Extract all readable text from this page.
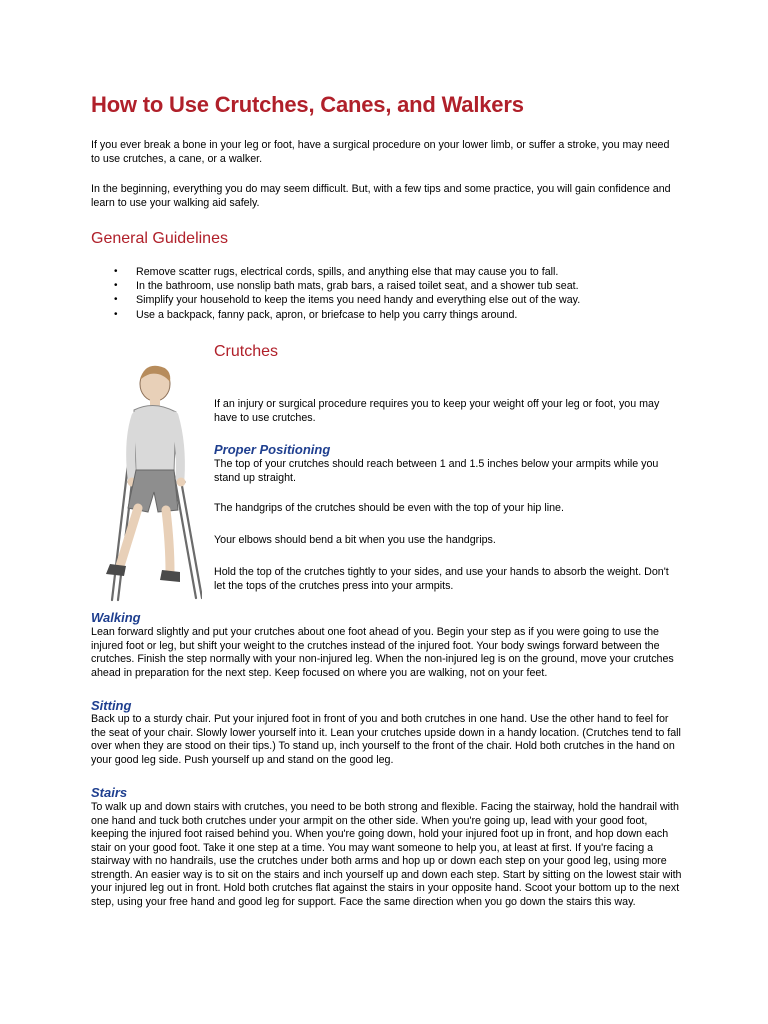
How to Use Crutches, Canes, and Walkers

If you ever break a bone in your leg or foot, have a surgical procedure on your lower limb, or suffer a stroke, you may need to use crutches, a cane, or a walker.

In the beginning, everything you do may seem difficult. But, with a few tips and some practice, you will gain confidence and learn to use your walking aid safely.

General Guidelines
• Remove scatter rugs, electrical cords, spills, and anything else that may cause you to fall.
• In the bathroom, use nonslip bath mats, grab bars, a raised toilet seat, and a shower tub seat.
• Simplify your household to keep the items you need handy and everything else out of the way.
• Use a backpack, fanny pack, apron, or briefcase to help you carry things around.
Crutches

If an injury or surgical procedure requires you to keep your weight off your leg or foot, you may have to use crutches.

Proper Positioning

The top of your crutches should reach between 1 and 1.5 inches below your armpits while you stand up straight.

The handgrips of the crutches should be even with the top of your hip line.

Your elbows should bend a bit when you use the handgrips.

Hold the top of the crutches tightly to your sides, and use your hands to absorb the weight. Don't let the tops of the crutches press into your armpits.

Walking

Lean forward slightly and put your crutches about one foot ahead of you. Begin your step as if you were going to use the injured foot or leg, but shift your weight to the crutches instead of the injured foot. Your body swings forward between the crutches. Finish the step normally with your non-injured leg. When the non-injured leg is on the ground, move your crutches ahead in preparation for the next step. Keep focused on where you are walking, not on your feet.

Sitting

Back up to a sturdy chair. Put your injured foot in front of you and both crutches in one hand. Use the other hand to feel for the seat of your chair. Slowly lower yourself into it. Lean your crutches upside down in a handy location. (Crutches tend to fall over when they are stood on their tips.) To stand up, inch yourself to the front of the chair. Hold both crutches in the hand on your good leg side. Push yourself up and stand on the good leg.

Stairs

To walk up and down stairs with crutches, you need to be both strong and flexible. Facing the stairway, hold the handrail with one hand and tuck both crutches under your armpit on the other side. When you're going up, lead with your good foot, keeping the injured foot raised behind you. When you're going down, hold your injured foot up in front, and hop down each stair on your good foot. Take it one step at a time. You may want someone to help you, at least at first. If you're facing a stairway with no handrails, use the crutches under both arms and hop up or down each step on your good leg, using more strength. An easier way is to sit on the stairs and inch yourself up and down each step. Start by sitting on the lowest stair with your injured leg out in front. Hold both crutches flat against the stairs in your opposite hand. Scoot your bottom up to the next step, using your free hand and good leg for support. Face the same direction when you go down the stairs this way.
